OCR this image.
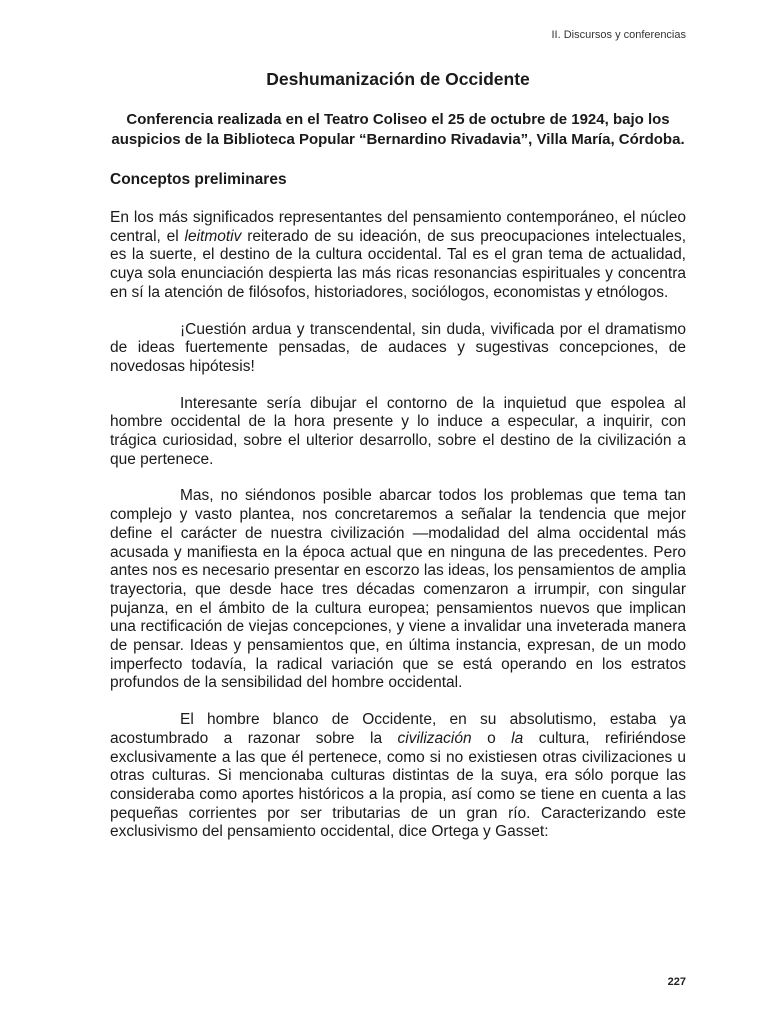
II. Discursos y conferencias
Deshumanización de Occidente
Conferencia realizada en el Teatro Coliseo el 25 de octubre de 1924, bajo los auspicios de la Biblioteca Popular “Bernardino Rivadavia”, Villa María, Córdoba.
Conceptos preliminares

En los más significados representantes del pensamiento contemporáneo, el núcleo central, el leitmotiv reiterado de su ideación, de sus preocupaciones intelectuales, es la suerte, el destino de la cultura occidental. Tal es el gran tema de actualidad, cuya sola enunciación despierta las más ricas resonancias espirituales y concentra en sí la atención de filósofos, historiadores, sociólogos, economistas y etnólogos.

¡Cuestión ardua y transcendental, sin duda, vivificada por el dramatismo de ideas fuertemente pensadas, de audaces y sugestivas concepciones, de novedosas hipótesis!

Interesante sería dibujar el contorno de la inquietud que espolea al hombre occidental de la hora presente y lo induce a especular, a inquirir, con trágica curiosidad, sobre el ulterior desarrollo, sobre el destino de la civilización a que pertenece.

Mas, no siéndonos posible abarcar todos los problemas que tema tan complejo y vasto plantea, nos concretaremos a señalar la tendencia que mejor define el carácter de nuestra civilización —modalidad del alma occidental más acusada y manifiesta en la época actual que en ninguna de las precedentes. Pero antes nos es necesario presentar en escorzo las ideas, los pensamientos de amplia trayectoria, que desde hace tres décadas comenzaron a irrumpir, con singular pujanza, en el ámbito de la cultura europea; pensamientos nuevos que implican una rectificación de viejas concepciones, y viene a invalidar una inveterada manera de pensar. Ideas y pensamientos que, en última instancia, expresan, de un modo imperfecto todavía, la radical variación que se está operando en los estratos profundos de la sensibilidad del hombre occidental.

El hombre blanco de Occidente, en su absolutismo, estaba ya acostumbrado a razonar sobre la civilización o la cultura, refiriéndose exclusivamente a las que él pertenece, como si no existiesen otras civilizaciones u otras culturas. Si mencionaba culturas distintas de la suya, era sólo porque las consideraba como aportes históricos a la propia, así como se tiene en cuenta a las pequeñas corrientes por ser tributarias de un gran río. Caracterizando este exclusivismo del pensamiento occidental, dice Ortega y Gasset:

227
